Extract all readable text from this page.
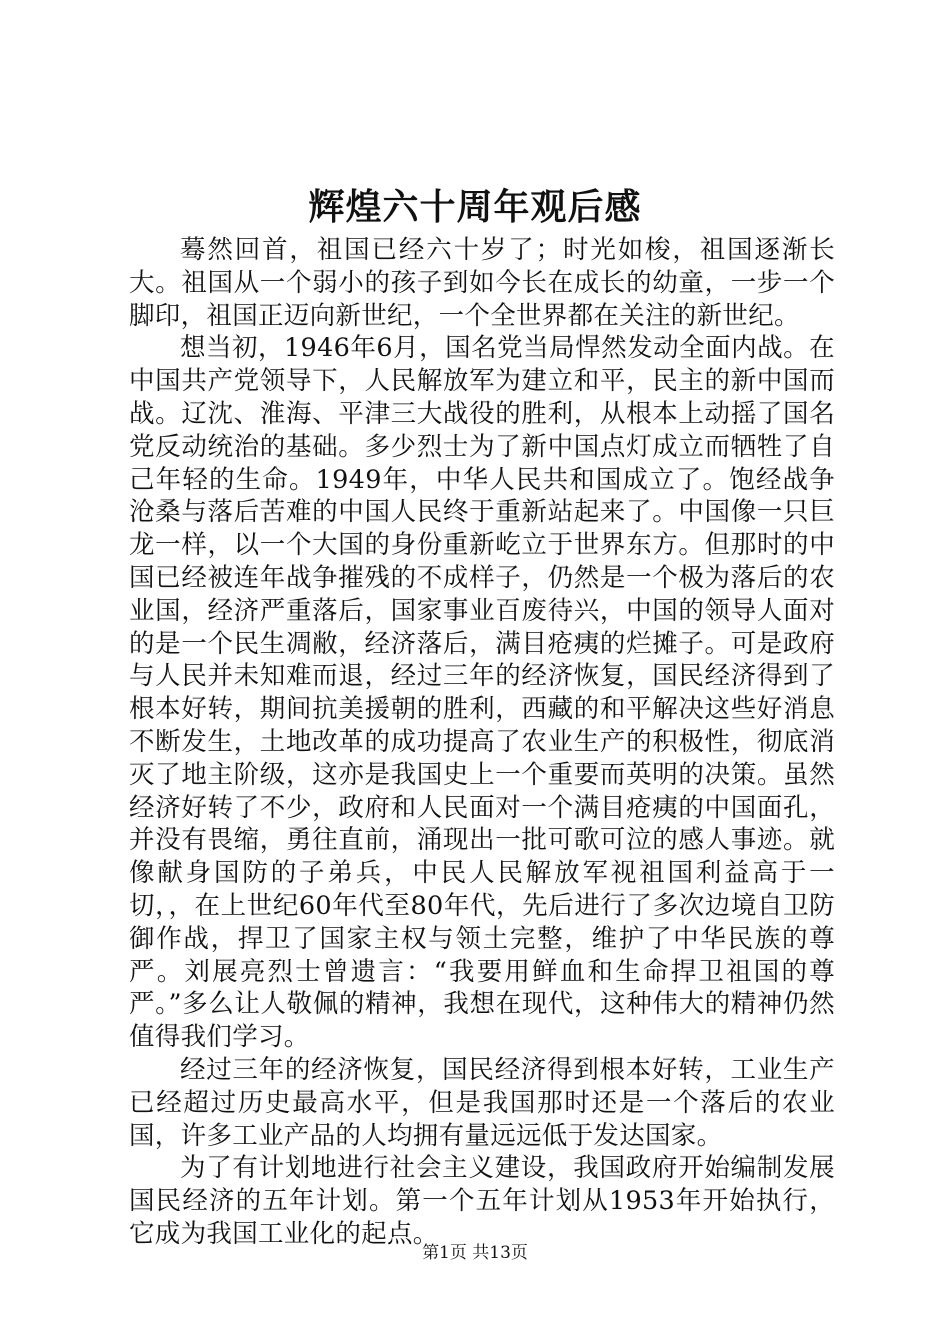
辉煌六十周年观后感

蓦然回首，祖国已经六十岁了；时光如梭，祖国逐渐长大。祖国从一个弱小的孩子到如今长在成长的幼童，一步一个脚印，祖国正迈向新世纪，一个全世界都在关注的新世纪。

想当初，1946年6月，国名党当局悍然发动全面内战。在中国共产党领导下，人民解放军为建立和平，民主的新中国而战。辽沈、淮海、平津三大战役的胜利，从根本上动摇了国名党反动统治的基础。多少烈士为了新中国点灯成立而牺牲了自己年轻的生命。1949年，中华人民共和国成立了。饱经战争沧桑与落后苦难的中国人民终于重新站起来了。中国像一只巨龙一样，以一个大国的身份重新屹立于世界东方。但那时的中国已经被连年战争摧残的不成样子，仍然是一个极为落后的农业国，经济严重落后，国家事业百废待兴，中国的领导人面对的是一个民生凋敝，经济落后，满目疮痍的烂摊子。可是政府与人民并未知难而退，经过三年的经济恢复，国民经济得到了根本好转，期间抗美援朝的胜利，西藏的和平解决这些好消息不断发生，土地改革的成功提高了农业生产的积极性，彻底消灭了地主阶级，这亦是我国史上一个重要而英明的决策。虽然经济好转了不少，政府和人民面对一个满目疮痍的中国面孔，并没有畏缩，勇往直前，涌现出一批可歌可泣的感人事迹。就像献身国防的子弟兵，中民人民解放军视祖国利益高于一切，，在上世纪60年代至80年代，先后进行了多次边境自卫防御作战，捍卫了国家主权与领土完整，维护了中华民族的尊严。刘展亮烈士曾遗言：“我要用鲜血和生命捍卫祖国的尊严。”多么让人敬佩的精神，我想在现代，这种伟大的精神仍然值得我们学习。

经过三年的经济恢复，国民经济得到根本好转，工业生产已经超过历史最高水平，但是我国那时还是一个落后的农业国，许多工业产品的人均拥有量远远低于发达国家。

为了有计划地进行社会主义建设，我国政府开始编制发展国民经济的五年计划。第一个五年计划从1953年开始执行，它成为我国工业化的起点。

第1页 共13页
